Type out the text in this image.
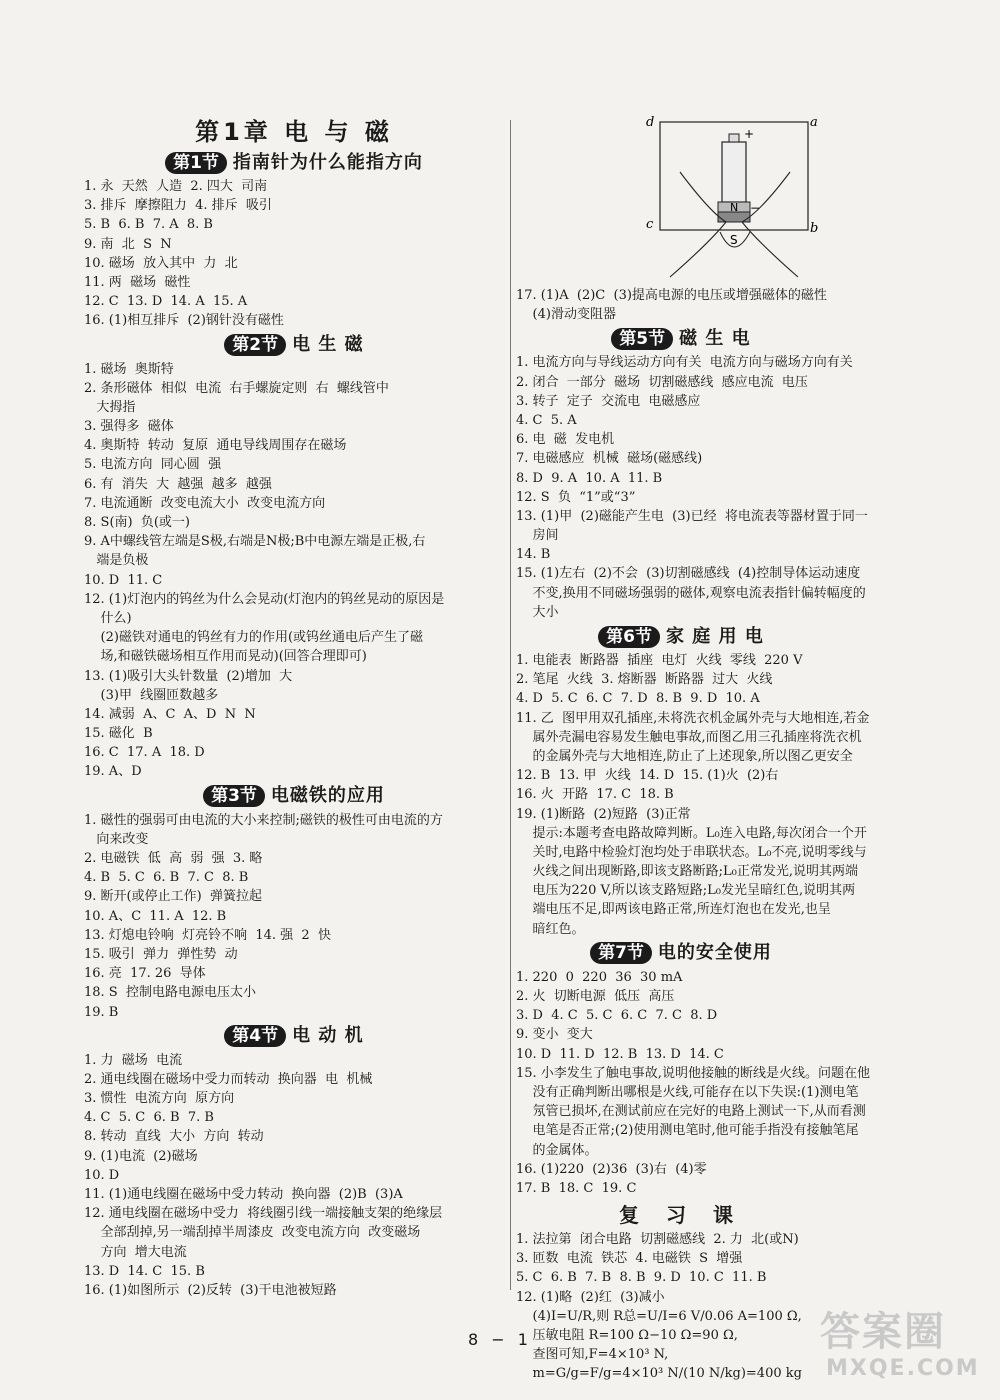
第1章 电 与 磁
第1节 指南针为什么能指方向
1. 永  天然  人造  2. 四大  司南
3. 排斥  摩擦阻力  4. 排斥  吸引
5. B  6. B  7. A  8. B
9. 南  北  S  N
10. 磁场  放入其中  力  北
11. 两  磁场  磁性
12. C  13. D  14. A  15. A
16. (1)相互排斥  (2)钢针没有磁性
第2节 电 生 磁
1. 磁场  奥斯特
2. 条形磁体  相似  电流  右手螺旋定则  右  螺线管中
大拇指
3. 强得多  磁体
4. 奥斯特  转动  复原  通电导线周围存在磁场
5. 电流方向  同心圆  强
6. 有  消失  大  越强  越多  越强
7. 电流通断  改变电流大小  改变电流方向
8. S(南)  负(或一)
9. A中螺线管左端是S极,右端是N极;B中电源左端是正极,右
端是负极
10. D  11. C
12. (1)灯泡内的钨丝为什么会晃动(灯泡内的钨丝晃动的原因是
什么)
(2)磁铁对通电的钨丝有力的作用(或钨丝通电后产生了磁
场,和磁铁磁场相互作用而晃动)(回答合理即可)
13. (1)吸引大头针数量  (2)增加  大
(3)甲  线圈匝数越多
14. 减弱  A、C  A、D  N  N
15. 磁化  B
16. C  17. A  18. D
19. A、D
第3节 电磁铁的应用
1. 磁性的强弱可由电流的大小来控制;磁铁的极性可由电流的方
向来改变
2. 电磁铁  低  高  弱  强  3. 略
4. B  5. C  6. B  7. C  8. B
9. 断开(或停止工作)  弹簧拉起
10. A、C  11. A  12. B
13. 灯熄电铃响  灯亮铃不响  14. 强  2  快
15. 吸引  弹力  弹性势  动
16. 亮  17. 26  导体
18. S  控制电路电源电压太小
19. B
第4节 电 动 机
1. 力  磁场  电流
2. 通电线圈在磁场中受力而转动  换向器  电  机械
3. 惯性  电流方向  原方向
4. C  5. C  6. B  7. B
8. 转动  直线  大小  方向  转动
9. (1)电流  (2)磁场
10. D
11. (1)通电线圈在磁场中受力转动  换向器  (2)B  (3)A
12. 通电线圈在磁场中受力  将线圈引线一端接触支架的绝缘层
全部刮掉,另一端刮掉半周漆皮  改变电流方向  改变磁场
方向  增大电流
13. D  14. C  15. B
16. (1)如图所示  (2)反转  (3)干电池被短路
d	a
c	b
N
S
+
−
17. (1)A  (2)C  (3)提高电源的电压或增强磁体的磁性
(4)滑动变阻器
第5节 磁 生 电
1. 电流方向与导线运动方向有关  电流方向与磁场方向有关
2. 闭合  一部分  磁场  切割磁感线  感应电流  电压
3. 转子  定子  交流电  电磁感应
4. C  5. A
6. 电  磁  发电机
7. 电磁感应  机械  磁场(磁感线)
8. D  9. A  10. A  11. B
12. S  负  “1”或“3”
13. (1)甲  (2)磁能产生电  (3)已经  将电流表等器材置于同一
房间
14. B
15. (1)左右  (2)不会  (3)切割磁感线  (4)控制导体运动速度
不变,换用不同磁场强弱的磁体,观察电流表指针偏转幅度的
大小
第6节 家 庭 用 电
1. 电能表  断路器  插座  电灯  火线  零线  220 V
2. 笔尾  火线  3. 熔断器  断路器  过大  火线
4. D  5. C  6. C  7. D  8. B  9. D  10. A
11. 乙  图甲用双孔插座,未将洗衣机金属外壳与大地相连,若金
属外壳漏电容易发生触电事故,而图乙用三孔插座将洗衣机
的金属外壳与大地相连,防止了上述现象,所以图乙更安全
12. B  13. 甲  火线  14. D  15. (1)火  (2)右
16. 火  开路  17. C  18. B
19. (1)断路  (2)短路  (3)正常
提示:本题考查电路故障判断。L₀连入电路,每次闭合一个开
关时,电路中检验灯泡均处于串联状态。L₀不亮,说明零线与
火线之间出现断路,即该支路断路;L₀正常发光,说明其两端
电压为220 V,所以该支路短路;L₀发光呈暗红色,说明其两
端电压不足,即两该电路正常,所连灯泡也在发光,也呈
暗红色。
第7节 电的安全使用
1. 220  0  220  36  30 mA
2. 火  切断电源  低压  高压
3. D  4. C  5. C  6. C  7. C  8. D
9. 变小  变大
10. D  11. D  12. B  13. D  14. C
15. 小李发生了触电事故,说明他接触的断线是火线。问题在他
没有正确判断出哪根是火线,可能存在以下失误:(1)测电笔
氖管已损坏,在测试前应在完好的电路上测试一下,从而看测
电笔是否正常;(2)使用测电笔时,他可能手指没有接触笔尾
的金属体。
16. (1)220  (2)36  (3)右  (4)零
17. B  18. C  19. C
复 习 课
1. 法拉第  闭合电路  切割磁感线  2. 力  北(或N)
3. 匝数  电流  铁芯  4. 电磁铁  S  增强
5. C  6. B  7. B  8. B  9. D  10. C  11. B
12. (1)略  (2)红  (3)减小
(4)I=U/R,则 R总=U/I=6 V/0.06 A=100 Ω,
压敏电阻 R=100 Ω−10 Ω=90 Ω,
查图可知,F=4×10³ N,
m=G/g=F/g=4×10³ N/(10 N/kg)=400 kg
8 − 1	答案圈
MXQE.COM
